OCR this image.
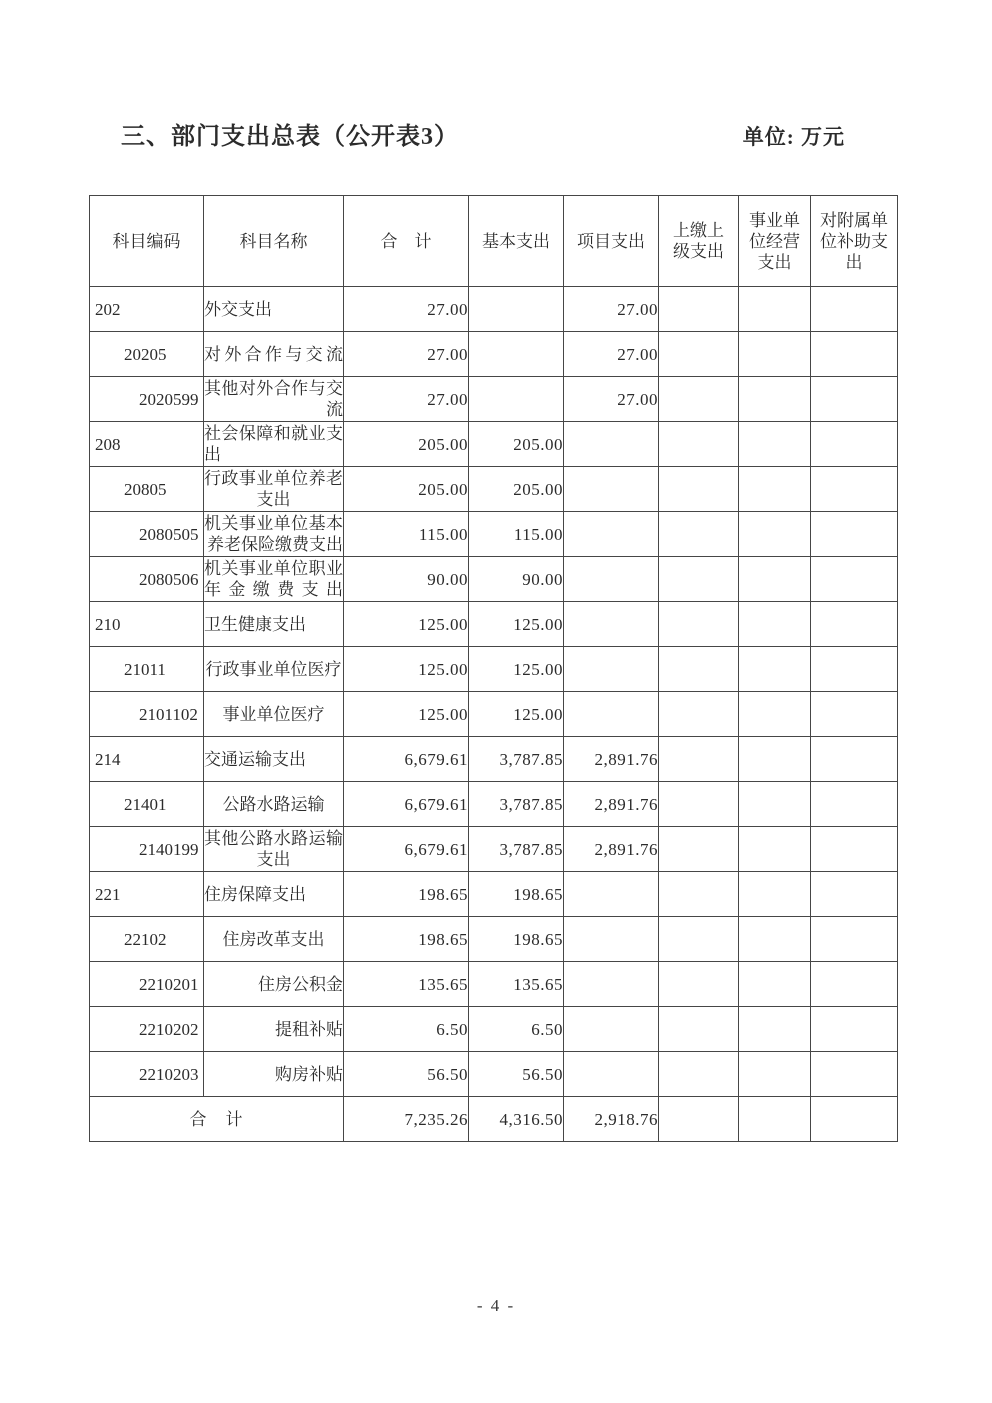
三、部门支出总表（公开表3）	单位: 万元
科目编码	科目名称	合　计	基本支出	项目支出	上缴上级支出	事业单位经营支出	对附属单位补助支出
202	外交支出	27.00		27.00			
20205	对外合作与交流	27.00		27.00			
2020599	其他对外合作与交流	27.00		27.00			
208	社会保障和就业支出	205.00	205.00				
20805	行政事业单位养老支出	205.00	205.00				
2080505	机关事业单位基本养老保险缴费支出	115.00	115.00				
2080506	机关事业单位职业年金缴费支出	90.00	90.00				
210	卫生健康支出	125.00	125.00				
21011	行政事业单位医疗	125.00	125.00				
2101102	事业单位医疗	125.00	125.00				
214	交通运输支出	6,679.61	3,787.85	2,891.76			
21401	公路水路运输	6,679.61	3,787.85	2,891.76			
2140199	其他公路水路运输支出	6,679.61	3,787.85	2,891.76			
221	住房保障支出	198.65	198.65				
22102	住房改革支出	198.65	198.65				
2210201	住房公积金	135.65	135.65				
2210202	提租补贴	6.50	6.50				
2210203	购房补贴	56.50	56.50				
合　计		7,235.26	4,316.50	2,918.76			
- 4 -
